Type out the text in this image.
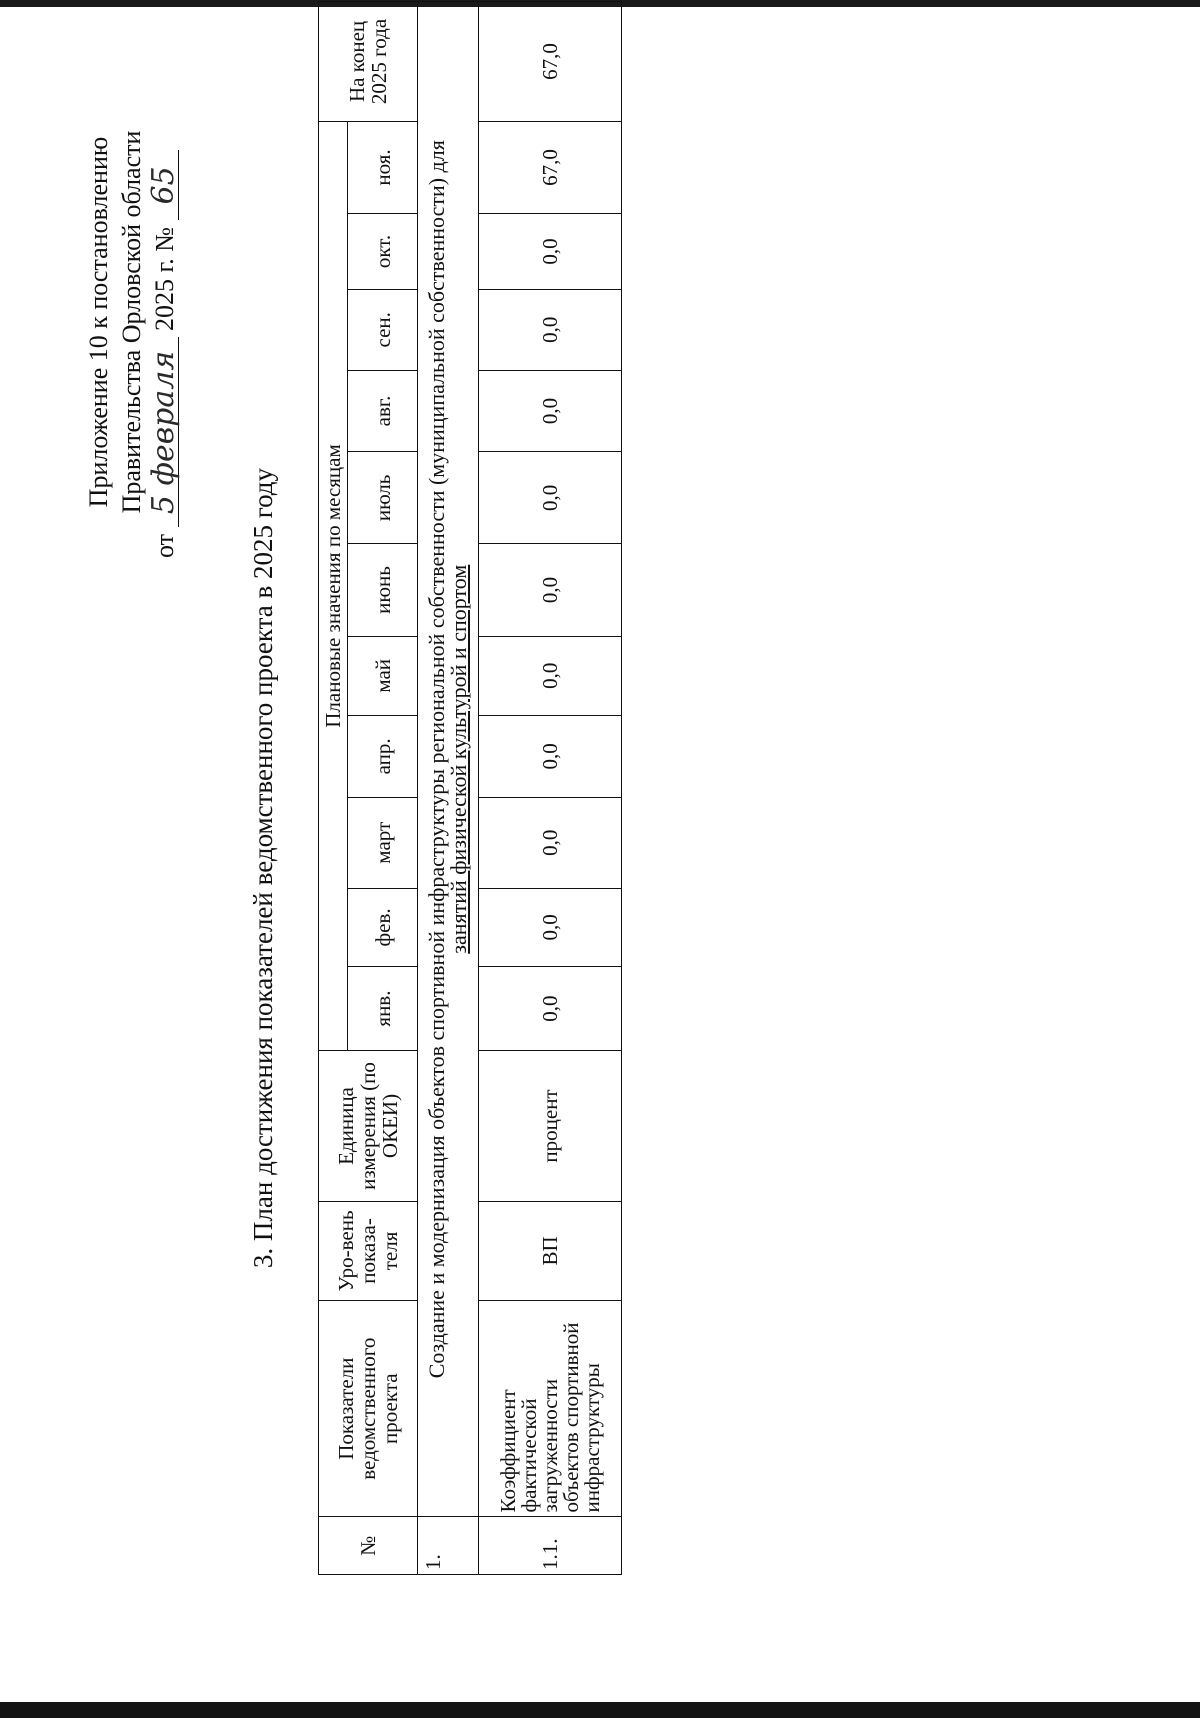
Приложение 10 к постановлению Правительства Орловской области
от 5 февраля 2025 г. № 65
3. План достижения показателей ведомственного проекта в 2025 году
№	Показатели ведомственного проекта	Уро-вень показа-теля	Единица измерения (по ОКЕИ)	Плановые значения по месяцам											На конец 2025 года
				янв.	фев.	март	апр.	май	июнь	июль	авг.	сен.	окт.	ноя.	
1.	Создание и модернизация объектов спортивной инфраструктуры региональной собственности (муниципальной собственности) для
занятий физической культурой и спортом														
1.1.	Коэффициент фактической загруженности объектов спортивной инфраструктуры	ВП	процент	0,0	0,0	0,0	0,0	0,0	0,0	0,0	0,0	0,0	0,0	67,0	67,0
